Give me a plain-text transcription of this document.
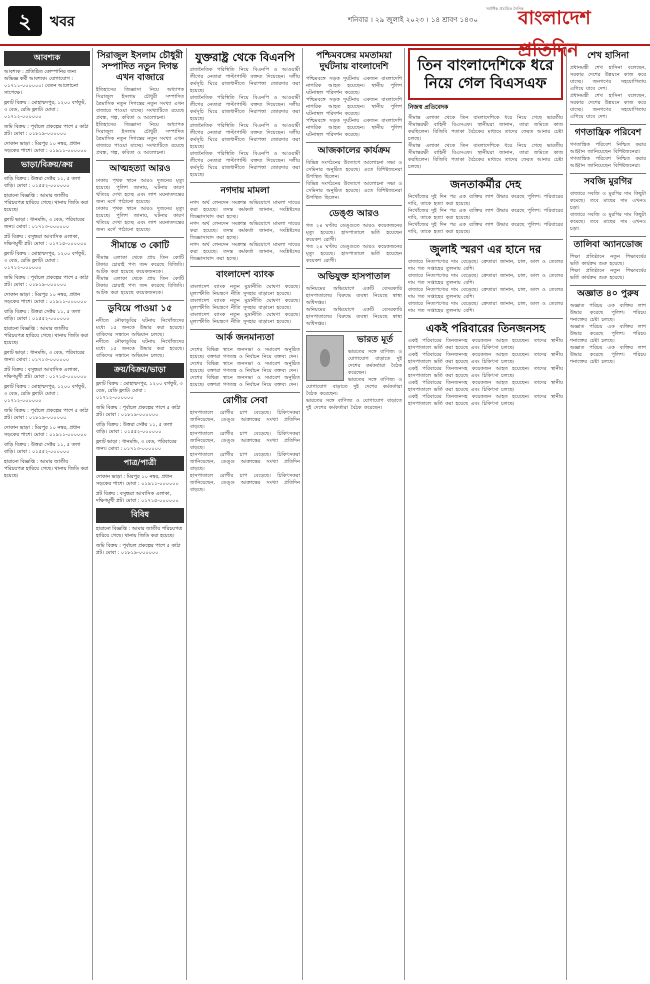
২	খবর	শনিবার । ২৯ জুলাই ২০২৩ । ১৪ শ্রাবণ ১৪৩০
সর্বাধিক প্রচারিত দৈনিক
বাংলাদেশ প্রতিদিন
আবশ্যক

আবশ্যক : প্রতিষ্ঠিত কোম্পানির জন্য অভিজ্ঞ কর্মী আবশ্যক। যোগাযোগ : ০১৭১১-০০০০০০। বেতন আলোচনা সাপেক্ষে।

ফ্ল্যাট বিক্রয় : মোহাম্মদপুর, ১২০০ বর্গফুট, ৩ বেড, রেডি ফ্ল্যাট। মোবা : ০১৭১২-০০০০০০

জমি বিক্রয় : পূর্বাচল প্রকল্পের পাশে ৫ কাঠা প্লট। মোবা : ০১৮১৯-০০০০০০

দোকান ভাড়া : মিরপুর ১০ নম্বর, প্রধান সড়কের পাশে। মোবা : ০১৯১১-০০০০০০

ভাড়া/বিক্রয়/ক্রয়

বাড়ি বিক্রয় : উত্তরা সেক্টর ১১, ৫ তলা বাড়ি। মোবা : ০১৫৫২-০০০০০০

হারানো বিজ্ঞপ্তি : আমার জাতীয় পরিচয়পত্র হারিয়ে গেছে। থানায় জিডি করা হয়েছে।

ফ্ল্যাট ভাড়া : ধানমন্ডি, ৩ বেড, পরিবারের জন্য। মোবা : ০১৭১৩-০০০০০০

প্লট বিক্রয় : বসুন্ধরা আবাসিক এলাকা, দক্ষিণমুখী প্লট। মোবা : ০১৭১৫-০০০০০০

ফ্ল্যাট বিক্রয় : মোহাম্মদপুর, ১২০০ বর্গফুট, ৩ বেড, রেডি ফ্ল্যাট। মোবা : ০১৭১২-০০০০০০

জমি বিক্রয় : পূর্বাচল প্রকল্পের পাশে ৫ কাঠা প্লট। মোবা : ০১৮১৯-০০০০০০

দোকান ভাড়া : মিরপুর ১০ নম্বর, প্রধান সড়কের পাশে। মোবা : ০১৯১১-০০০০০০

বাড়ি বিক্রয় : উত্তরা সেক্টর ১১, ৫ তলা বাড়ি। মোবা : ০১৫৫২-০০০০০০

হারানো বিজ্ঞপ্তি : আমার জাতীয় পরিচয়পত্র হারিয়ে গেছে। থানায় জিডি করা হয়েছে।

ফ্ল্যাট ভাড়া : ধানমন্ডি, ৩ বেড, পরিবারের জন্য। মোবা : ০১৭১৩-০০০০০০

প্লট বিক্রয় : বসুন্ধরা আবাসিক এলাকা, দক্ষিণমুখী প্লট। মোবা : ০১৭১৫-০০০০০০

ফ্ল্যাট বিক্রয় : মোহাম্মদপুর, ১২০০ বর্গফুট, ৩ বেড, রেডি ফ্ল্যাট। মোবা : ০১৭১২-০০০০০০

জমি বিক্রয় : পূর্বাচল প্রকল্পের পাশে ৫ কাঠা প্লট। মোবা : ০১৮১৯-০০০০০০

দোকান ভাড়া : মিরপুর ১০ নম্বর, প্রধান সড়কের পাশে। মোবা : ০১৯১১-০০০০০০

বাড়ি বিক্রয় : উত্তরা সেক্টর ১১, ৫ তলা বাড়ি। মোবা : ০১৫৫২-০০০০০০

হারানো বিজ্ঞপ্তি : আমার জাতীয় পরিচয়পত্র হারিয়ে গেছে। থানায় জিডি করা হয়েছে।

সিরাজুল ইসলাম চৌধুরী সম্পাদিত নতুন দিগন্ত এখন বাজারে

ইতিহাসের জিজ্ঞাসা নিয়ে অধ্যাপক সিরাজুল ইসলাম চৌধুরী সম্পাদিত ত্রৈমাসিক নতুন দিগন্তের নতুন সংখ্যা এখন বাজারে পাওয়া যাচ্ছে। সংখ্যাটিতে রয়েছে প্রবন্ধ, গল্প, কবিতা ও আলোচনা।

ইতিহাসের জিজ্ঞাসা নিয়ে অধ্যাপক সিরাজুল ইসলাম চৌধুরী সম্পাদিত ত্রৈমাসিক নতুন দিগন্তের নতুন সংখ্যা এখন বাজারে পাওয়া যাচ্ছে। সংখ্যাটিতে রয়েছে প্রবন্ধ, গল্প, কবিতা ও আলোচনা।

আত্মহত্যা আরও

ঢাকায় পৃথক স্থানে আরও দুজনের মৃত্যু হয়েছে। পুলিশ জানায়, ঘটনার কারণ খতিয়ে দেখা হচ্ছে এবং লাশ ময়নাতদন্তের জন্য মর্গে পাঠানো হয়েছে।

ঢাকায় পৃথক স্থানে আরও দুজনের মৃত্যু হয়েছে। পুলিশ জানায়, ঘটনার কারণ খতিয়ে দেখা হচ্ছে এবং লাশ ময়নাতদন্তের জন্য মর্গে পাঠানো হয়েছে।

সীমান্তে ৩ কোটি

সীমান্ত এলাকা থেকে প্রায় তিন কোটি টাকার চোরাই পণ্য জব্দ করেছে বিজিবি। আটক করা হয়েছে কয়েকজনকে।

সীমান্ত এলাকা থেকে প্রায় তিন কোটি টাকার চোরাই পণ্য জব্দ করেছে বিজিবি। আটক করা হয়েছে কয়েকজনকে।

ডুবিয়ে পাওয়া ১৫

নদীতে নৌকাডুবির ঘটনায় নিখোঁজদের মধ্যে ১৫ জনকে উদ্ধার করা হয়েছে। বাকিদের সন্ধানে অভিযান চলছে।

নদীতে নৌকাডুবির ঘটনায় নিখোঁজদের মধ্যে ১৫ জনকে উদ্ধার করা হয়েছে। বাকিদের সন্ধানে অভিযান চলছে।

ক্রয়/বিক্রয়/ভাড়া

ফ্ল্যাট বিক্রয় : মোহাম্মদপুর, ১২০০ বর্গফুট, ৩ বেড, রেডি ফ্ল্যাট। মোবা : ০১৭১২-০০০০০০

জমি বিক্রয় : পূর্বাচল প্রকল্পের পাশে ৫ কাঠা প্লট। মোবা : ০১৮১৯-০০০০০০

বাড়ি বিক্রয় : উত্তরা সেক্টর ১১, ৫ তলা বাড়ি। মোবা : ০১৫৫২-০০০০০০

ফ্ল্যাট ভাড়া : ধানমন্ডি, ৩ বেড, পরিবারের জন্য। মোবা : ০১৭১৩-০০০০০০

পাত্র/পাত্রী

দোকান ভাড়া : মিরপুর ১০ নম্বর, প্রধান সড়কের পাশে। মোবা : ০১৯১১-০০০০০০

প্লট বিক্রয় : বসুন্ধরা আবাসিক এলাকা, দক্ষিণমুখী প্লট। মোবা : ০১৭১৫-০০০০০০

বিবিধ

হারানো বিজ্ঞপ্তি : আমার জাতীয় পরিচয়পত্র হারিয়ে গেছে। থানায় জিডি করা হয়েছে।

জমি বিক্রয় : পূর্বাচল প্রকল্পের পাশে ৫ কাঠা প্লট। মোবা : ০১৮১৯-০০০০০০

যুক্তরাষ্ট্র থেকে বিএনপি

রাজনৈতিক পরিস্থিতি নিয়ে বিএনপি ও আওয়ামী লীগের নেতারা পাল্টাপাল্টি বক্তব্য দিয়েছেন। দলীয় কর্মসূচি ঘিরে রাজধানীতে নিরাপত্তা জোরদার করা হয়েছে।

রাজনৈতিক পরিস্থিতি নিয়ে বিএনপি ও আওয়ামী লীগের নেতারা পাল্টাপাল্টি বক্তব্য দিয়েছেন। দলীয় কর্মসূচি ঘিরে রাজধানীতে নিরাপত্তা জোরদার করা হয়েছে।

রাজনৈতিক পরিস্থিতি নিয়ে বিএনপি ও আওয়ামী লীগের নেতারা পাল্টাপাল্টি বক্তব্য দিয়েছেন। দলীয় কর্মসূচি ঘিরে রাজধানীতে নিরাপত্তা জোরদার করা হয়েছে।

রাজনৈতিক পরিস্থিতি নিয়ে বিএনপি ও আওয়ামী লীগের নেতারা পাল্টাপাল্টি বক্তব্য দিয়েছেন। দলীয় কর্মসূচি ঘিরে রাজধানীতে নিরাপত্তা জোরদার করা হয়েছে।

নগদায় মামলা

নগদ অর্থ লেনদেন সংক্রান্ত অভিযোগে মামলা দায়ের করা হয়েছে। তদন্ত কর্মকর্তা জানান, সংশ্লিষ্টদের জিজ্ঞাসাবাদ করা হচ্ছে।

নগদ অর্থ লেনদেন সংক্রান্ত অভিযোগে মামলা দায়ের করা হয়েছে। তদন্ত কর্মকর্তা জানান, সংশ্লিষ্টদের জিজ্ঞাসাবাদ করা হচ্ছে।

নগদ অর্থ লেনদেন সংক্রান্ত অভিযোগে মামলা দায়ের করা হয়েছে। তদন্ত কর্মকর্তা জানান, সংশ্লিষ্টদের জিজ্ঞাসাবাদ করা হচ্ছে।

বাংলাদেশ ব্যাংক

বাংলাদেশ ব্যাংক নতুন মুদ্রানীতি ঘোষণা করেছে। মূল্যস্ফীতি নিয়ন্ত্রণে নীতি সুদহার বাড়ানো হয়েছে।

বাংলাদেশ ব্যাংক নতুন মুদ্রানীতি ঘোষণা করেছে। মূল্যস্ফীতি নিয়ন্ত্রণে নীতি সুদহার বাড়ানো হয়েছে।

বাংলাদেশ ব্যাংক নতুন মুদ্রানীতি ঘোষণা করেছে। মূল্যস্ফীতি নিয়ন্ত্রণে নীতি সুদহার বাড়ানো হয়েছে।

আর্ক জনমান্যতা

দেশের বিভিন্ন স্থানে জনসভা ও সমাবেশ অনুষ্ঠিত হয়েছে। বক্তারা গণতন্ত্র ও নির্বাচন নিয়ে বক্তব্য দেন।

দেশের বিভিন্ন স্থানে জনসভা ও সমাবেশ অনুষ্ঠিত হয়েছে। বক্তারা গণতন্ত্র ও নির্বাচন নিয়ে বক্তব্য দেন।

দেশের বিভিন্ন স্থানে জনসভা ও সমাবেশ অনুষ্ঠিত হয়েছে। বক্তারা গণতন্ত্র ও নির্বাচন নিয়ে বক্তব্য দেন।

রোগীর সেবা

হাসপাতালে রোগীর চাপ বেড়েছে। চিকিৎসকরা জানিয়েছেন, ডেঙ্গু আক্রান্তের সংখ্যা প্রতিদিন বাড়ছে।

হাসপাতালে রোগীর চাপ বেড়েছে। চিকিৎসকরা জানিয়েছেন, ডেঙ্গু আক্রান্তের সংখ্যা প্রতিদিন বাড়ছে।

হাসপাতালে রোগীর চাপ বেড়েছে। চিকিৎসকরা জানিয়েছেন, ডেঙ্গু আক্রান্তের সংখ্যা প্রতিদিন বাড়ছে।

হাসপাতালে রোগীর চাপ বেড়েছে। চিকিৎসকরা জানিয়েছেন, ডেঙ্গু আক্রান্তের সংখ্যা প্রতিদিন বাড়ছে।

পশ্চিমবঙ্গের মমতাময়া দুর্ঘটনায় বাংলাদেশি

পশ্চিমবঙ্গে সড়ক দুর্ঘটনায় একজন বাংলাদেশি নাগরিক আহত হয়েছেন। স্থানীয় পুলিশ ঘটনাস্থল পরিদর্শন করেছে।

পশ্চিমবঙ্গে সড়ক দুর্ঘটনায় একজন বাংলাদেশি নাগরিক আহত হয়েছেন। স্থানীয় পুলিশ ঘটনাস্থল পরিদর্শন করেছে।

পশ্চিমবঙ্গে সড়ক দুর্ঘটনায় একজন বাংলাদেশি নাগরিক আহত হয়েছেন। স্থানীয় পুলিশ ঘটনাস্থল পরিদর্শন করেছে।

আজকালের কার্যক্রম

বিভিন্ন সংগঠনের উদ্যোগে আলোচনা সভা ও সেমিনার অনুষ্ঠিত হয়েছে। এতে বিশিষ্টজনেরা উপস্থিত ছিলেন।

বিভিন্ন সংগঠনের উদ্যোগে আলোচনা সভা ও সেমিনার অনুষ্ঠিত হয়েছে। এতে বিশিষ্টজনেরা উপস্থিত ছিলেন।

ডেঙ্গু আরও

গত ২৪ ঘণ্টায় ডেঙ্গুতে আরও কয়েকজনের মৃত্যু হয়েছে। হাসপাতালে ভর্তি হয়েছেন কয়েকশ রোগী।

গত ২৪ ঘণ্টায় ডেঙ্গুতে আরও কয়েকজনের মৃত্যু হয়েছে। হাসপাতালে ভর্তি হয়েছেন কয়েকশ রোগী।

অভিযুক্ত হাসপাতাল

অনিয়মের অভিযোগে একটি বেসরকারি হাসপাতালের বিরুদ্ধে ব্যবস্থা নিয়েছে স্বাস্থ্য অধিদপ্তর।

অনিয়মের অভিযোগে একটি বেসরকারি হাসপাতালের বিরুদ্ধে ব্যবস্থা নিয়েছে স্বাস্থ্য অধিদপ্তর।

ভারত মূর্ত

ভারতের সঙ্গে বাণিজ্য ও যোগাযোগ বাড়াতে দুই দেশের কর্মকর্তারা বৈঠক করেছেন।

ভারতের সঙ্গে বাণিজ্য ও যোগাযোগ বাড়াতে দুই দেশের কর্মকর্তারা বৈঠক করেছেন।

ভারতের সঙ্গে বাণিজ্য ও যোগাযোগ বাড়াতে দুই দেশের কর্মকর্তারা বৈঠক করেছেন।

তিন বাংলাদেশিকে ধরে নিয়ে গেল বিএসএফ
নিজস্ব প্রতিবেদক

সীমান্ত এলাকা থেকে তিন বাংলাদেশিকে ধরে নিয়ে গেছে ভারতীয় সীমান্তরক্ষী বাহিনী বিএসএফ। স্থানীয়রা জানান, তারা জমিতে কাজ করছিলেন। বিজিবি পতাকা বৈঠকের মাধ্যমে তাদের ফেরত আনার চেষ্টা চলছে।

সীমান্ত এলাকা থেকে তিন বাংলাদেশিকে ধরে নিয়ে গেছে ভারতীয় সীমান্তরক্ষী বাহিনী বিএসএফ। স্থানীয়রা জানান, তারা জমিতে কাজ করছিলেন। বিজিবি পতাকা বৈঠকের মাধ্যমে তাদের ফেরত আনার চেষ্টা চলছে।

জনতাকর্মীর দেহ

নিখোঁজের দুই দিন পর এক ব্যক্তির লাশ উদ্ধার করেছে পুলিশ। পরিবারের দাবি, তাকে হত্যা করা হয়েছে।

নিখোঁজের দুই দিন পর এক ব্যক্তির লাশ উদ্ধার করেছে পুলিশ। পরিবারের দাবি, তাকে হত্যা করা হয়েছে।

নিখোঁজের দুই দিন পর এক ব্যক্তির লাশ উদ্ধার করেছে পুলিশ। পরিবারের দাবি, তাকে হত্যা করা হয়েছে।

জুলাই স্মরণ এর হানে দর

বাজারে নিত্যপণ্যের দাম বেড়েছে। ক্রেতারা জানান, চাল, ডাল ও তেলের দাম গত সপ্তাহের তুলনায় বেশি।

বাজারে নিত্যপণ্যের দাম বেড়েছে। ক্রেতারা জানান, চাল, ডাল ও তেলের দাম গত সপ্তাহের তুলনায় বেশি।

বাজারে নিত্যপণ্যের দাম বেড়েছে। ক্রেতারা জানান, চাল, ডাল ও তেলের দাম গত সপ্তাহের তুলনায় বেশি।

বাজারে নিত্যপণ্যের দাম বেড়েছে। ক্রেতারা জানান, চাল, ডাল ও তেলের দাম গত সপ্তাহের তুলনায় বেশি।

একই পরিবারের তিনজনসহ

একই পরিবারের তিনজনসহ কয়েকজন আহত হয়েছেন। তাদের স্থানীয় হাসপাতালে ভর্তি করা হয়েছে এবং চিকিৎসা চলছে।

একই পরিবারের তিনজনসহ কয়েকজন আহত হয়েছেন। তাদের স্থানীয় হাসপাতালে ভর্তি করা হয়েছে এবং চিকিৎসা চলছে।

একই পরিবারের তিনজনসহ কয়েকজন আহত হয়েছেন। তাদের স্থানীয় হাসপাতালে ভর্তি করা হয়েছে এবং চিকিৎসা চলছে।

একই পরিবারের তিনজনসহ কয়েকজন আহত হয়েছেন। তাদের স্থানীয় হাসপাতালে ভর্তি করা হয়েছে এবং চিকিৎসা চলছে।

একই পরিবারের তিনজনসহ কয়েকজন আহত হয়েছেন। তাদের স্থানীয় হাসপাতালে ভর্তি করা হয়েছে এবং চিকিৎসা চলছে।

শেখ হাসিনা

প্রধানমন্ত্রী শেখ হাসিনা বলেছেন, সরকার দেশের উন্নয়নে কাজ করে যাচ্ছে। জনগণের সহযোগিতায় এগিয়ে যাবে দেশ।

প্রধানমন্ত্রী শেখ হাসিনা বলেছেন, সরকার দেশের উন্নয়নে কাজ করে যাচ্ছে। জনগণের সহযোগিতায় এগিয়ে যাবে দেশ।

গণতান্ত্রিক পরিবেশ

গণতান্ত্রিক পরিবেশ নিশ্চিত করার আহ্বান জানিয়েছেন বিশিষ্টজনেরা।

গণতান্ত্রিক পরিবেশ নিশ্চিত করার আহ্বান জানিয়েছেন বিশিষ্টজনেরা।

সবজি মুরগির

বাজারে সবজি ও মুরগির দাম কিছুটা কমেছে। তবে মাছের দাম এখনও চড়া।

বাজারে সবজি ও মুরগির দাম কিছুটা কমেছে। তবে মাছের দাম এখনও চড়া।

তালিবা অ্যানডোজ

শিক্ষা প্রতিষ্ঠানে নতুন শিক্ষাবর্ষের ভর্তি কার্যক্রম শুরু হয়েছে।

শিক্ষা প্রতিষ্ঠানে নতুন শিক্ষাবর্ষের ভর্তি কার্যক্রম শুরু হয়েছে।

অজ্ঞাত ৪০ পুরুষ

অজ্ঞাত পরিচয় এক ব্যক্তির লাশ উদ্ধার করেছে পুলিশ। পরিচয় শনাক্তের চেষ্টা চলছে।

অজ্ঞাত পরিচয় এক ব্যক্তির লাশ উদ্ধার করেছে পুলিশ। পরিচয় শনাক্তের চেষ্টা চলছে।

অজ্ঞাত পরিচয় এক ব্যক্তির লাশ উদ্ধার করেছে পুলিশ। পরিচয় শনাক্তের চেষ্টা চলছে।
